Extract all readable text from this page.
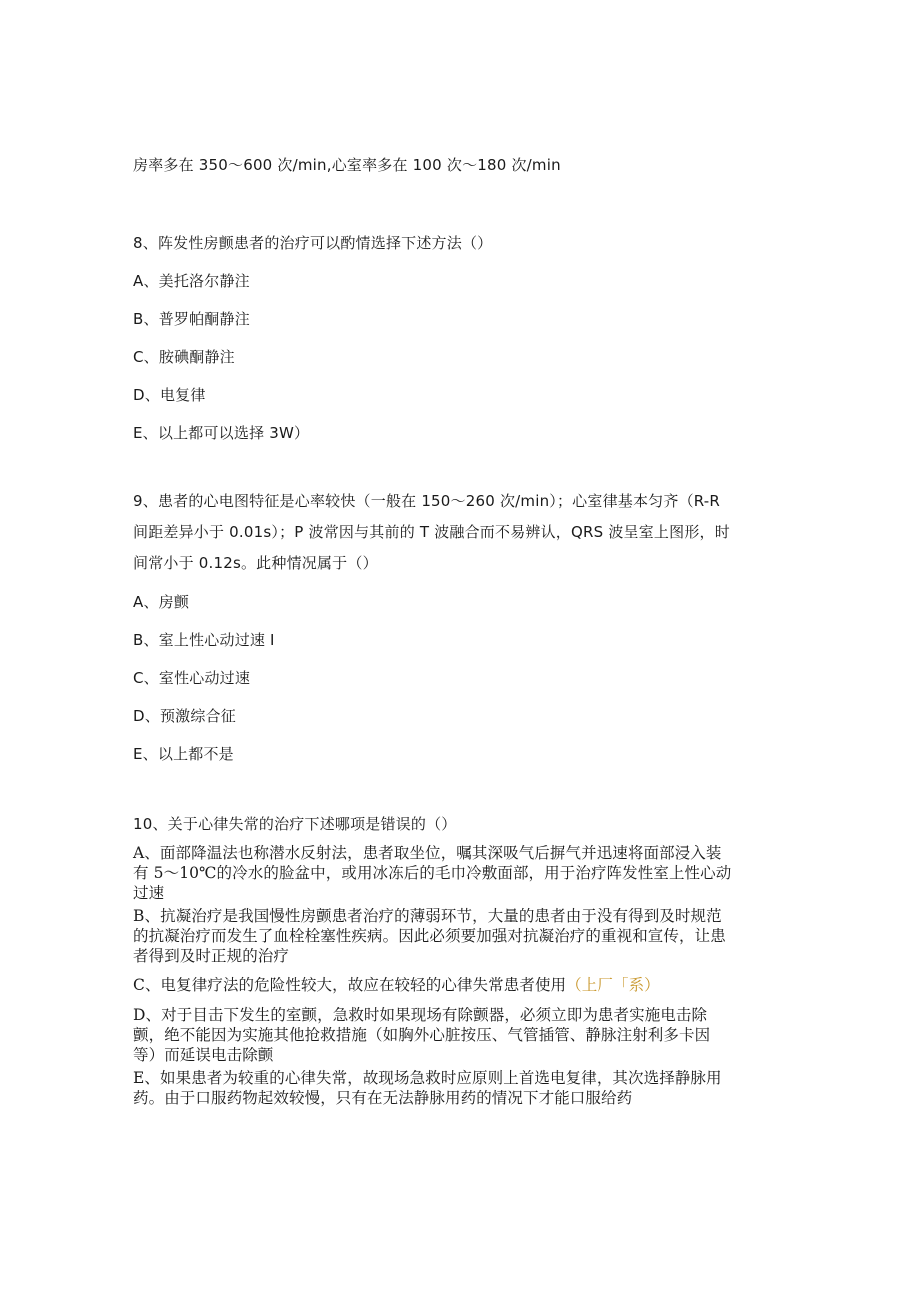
房率多在 350～600 次/min,心室率多在 100 次～180 次/min
8、阵发性房颤患者的治疗可以酌情选择下述方法（）
A、美托洛尔静注
B、普罗帕酮静注
C、胺碘酮静注
D、电复律
E、以上都可以选择 3W）
9、患者的心电图特征是心率较快（一般在 150～260 次/min）；心室律基本匀齐（R-R
间距差异小于 0.01s）；P 波常因与其前的 T 波融合而不易辨认，QRS 波呈室上图形，时
间常小于 0.12s。此种情况属于（）
A、房颤
B、室上性心动过速 I
C、室性心动过速
D、预激综合征
E、以上都不是
10、关于心律失常的治疗下述哪项是错误的（）
A、面部降温法也称潜水反射法，患者取坐位，嘱其深吸气后摒气并迅速将面部浸入装
有 5～10℃的冷水的脸盆中，或用冰冻后的毛巾冷敷面部，用于治疗阵发性室上性心动
过速
B、抗凝治疗是我国慢性房颤患者治疗的薄弱环节，大量的患者由于没有得到及时规范
的抗凝治疗而发生了血栓栓塞性疾病。因此必须要加强对抗凝治疗的重视和宣传，让患
者得到及时正规的治疗
C、电复律疗法的危险性较大，故应在较轻的心律失常患者使用（上厂「系）
D、对于目击下发生的室颤，急救时如果现场有除颤器，必须立即为患者实施电击除
颤，绝不能因为实施其他抢救措施（如胸外心脏按压、气管插管、静脉注射利多卡因
等）而延误电击除颤
E、如果患者为较重的心律失常，故现场急救时应原则上首选电复律，其次选择静脉用
药。由于口服药物起效较慢，只有在无法静脉用药的情况下才能口服给药
